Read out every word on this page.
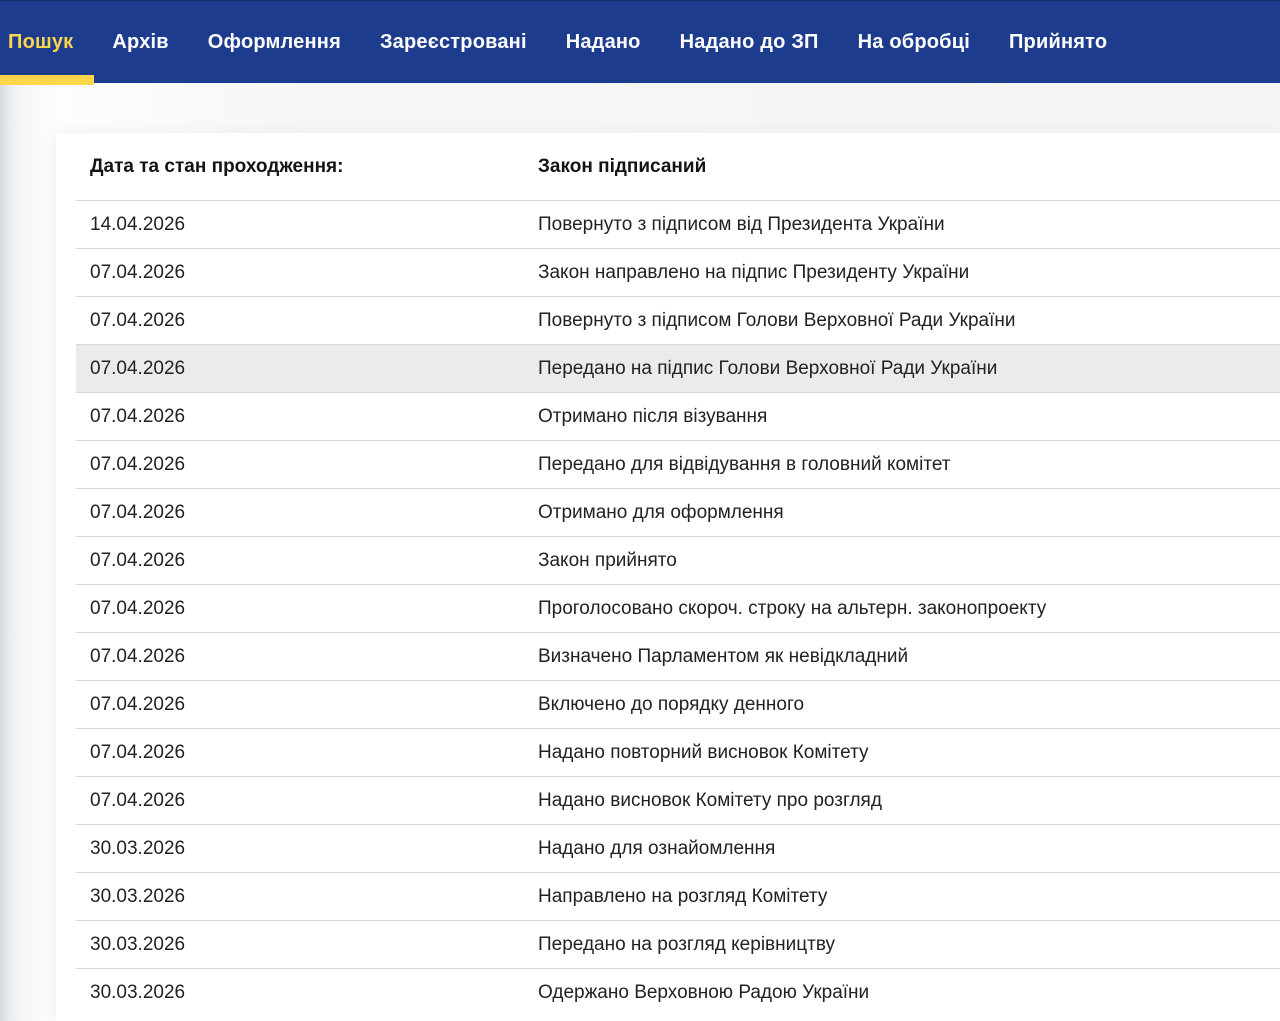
Пошук Архів Оформлення Зареєстровані Надано Надано до ЗП На обробці Прийнято
Дата та стан проходження:	Закон підписаний
14.04.2026	Повернуто з підписом від Президента України
07.04.2026	Закон направлено на підпис Президенту України
07.04.2026	Повернуто з підписом Голови Верховної Ради України
07.04.2026	Передано на підпис Голови Верховної Ради України
07.04.2026	Отримано після візування
07.04.2026	Передано для відвідування в головний комітет
07.04.2026	Отримано для оформлення
07.04.2026	Закон прийнято
07.04.2026	Проголосовано скороч. строку на альтерн. законопроекту
07.04.2026	Визначено Парламентом як невідкладний
07.04.2026	Включено до порядку денного
07.04.2026	Надано повторний висновок Комітету
07.04.2026	Надано висновок Комітету про розгляд
30.03.2026	Надано для ознайомлення
30.03.2026	Направлено на розгляд Комітету
30.03.2026	Передано на розгляд керівництву
30.03.2026	Одержано Верховною Радою України
